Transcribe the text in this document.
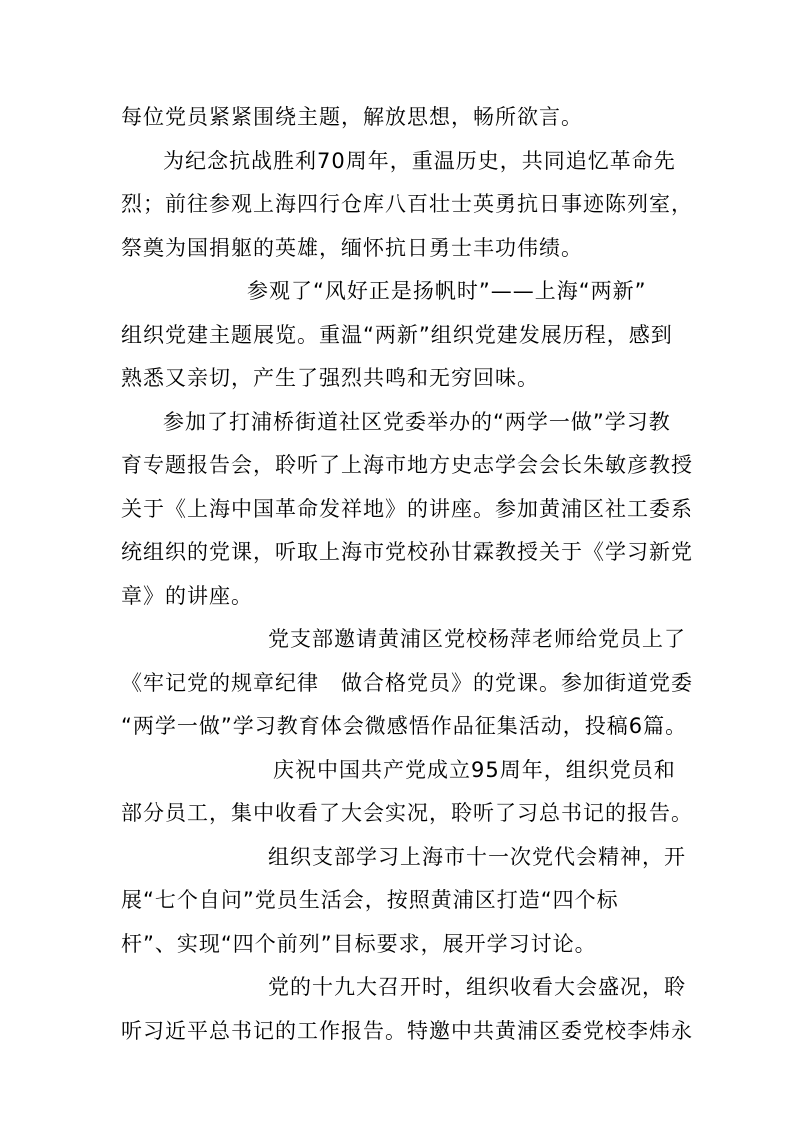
每位党员紧紧围绕主题，解放思想，畅所欲言。
为纪念抗战胜利70周年，重温历史，共同追忆革命先
烈；前往参观上海四行仓库八百壮士英勇抗日事迹陈列室，
祭奠为国捐躯的英雄，缅怀抗日勇士丰功伟绩。
参观了“风好正是扬帆时”——上海“两新”
组织党建主题展览。重温“两新”组织党建发展历程，感到
熟悉又亲切，产生了强烈共鸣和无穷回味。
参加了打浦桥街道社区党委举办的“两学一做”学习教
育专题报告会，聆听了上海市地方史志学会会长朱敏彦教授
关于《上海中国革命发祥地》的讲座。参加黄浦区社工委系
统组织的党课，听取上海市党校孙甘霖教授关于《学习新党
章》的讲座。
党支部邀请黄浦区党校杨萍老师给党员上了
《牢记党的规章纪律　做合格党员》的党课。参加街道党委
“两学一做”学习教育体会微感悟作品征集活动，投稿6篇。
庆祝中国共产党成立95周年，组织党员和
部分员工，集中收看了大会实况，聆听了习总书记的报告。
组织支部学习上海市十一次党代会精神，开
展“七个自问”党员生活会，按照黄浦区打造“四个标
杆”、实现“四个前列”目标要求，展开学习讨论。
党的十九大召开时，组织收看大会盛况，聆
听习近平总书记的工作报告。特邀中共黄浦区委党校李炜永
